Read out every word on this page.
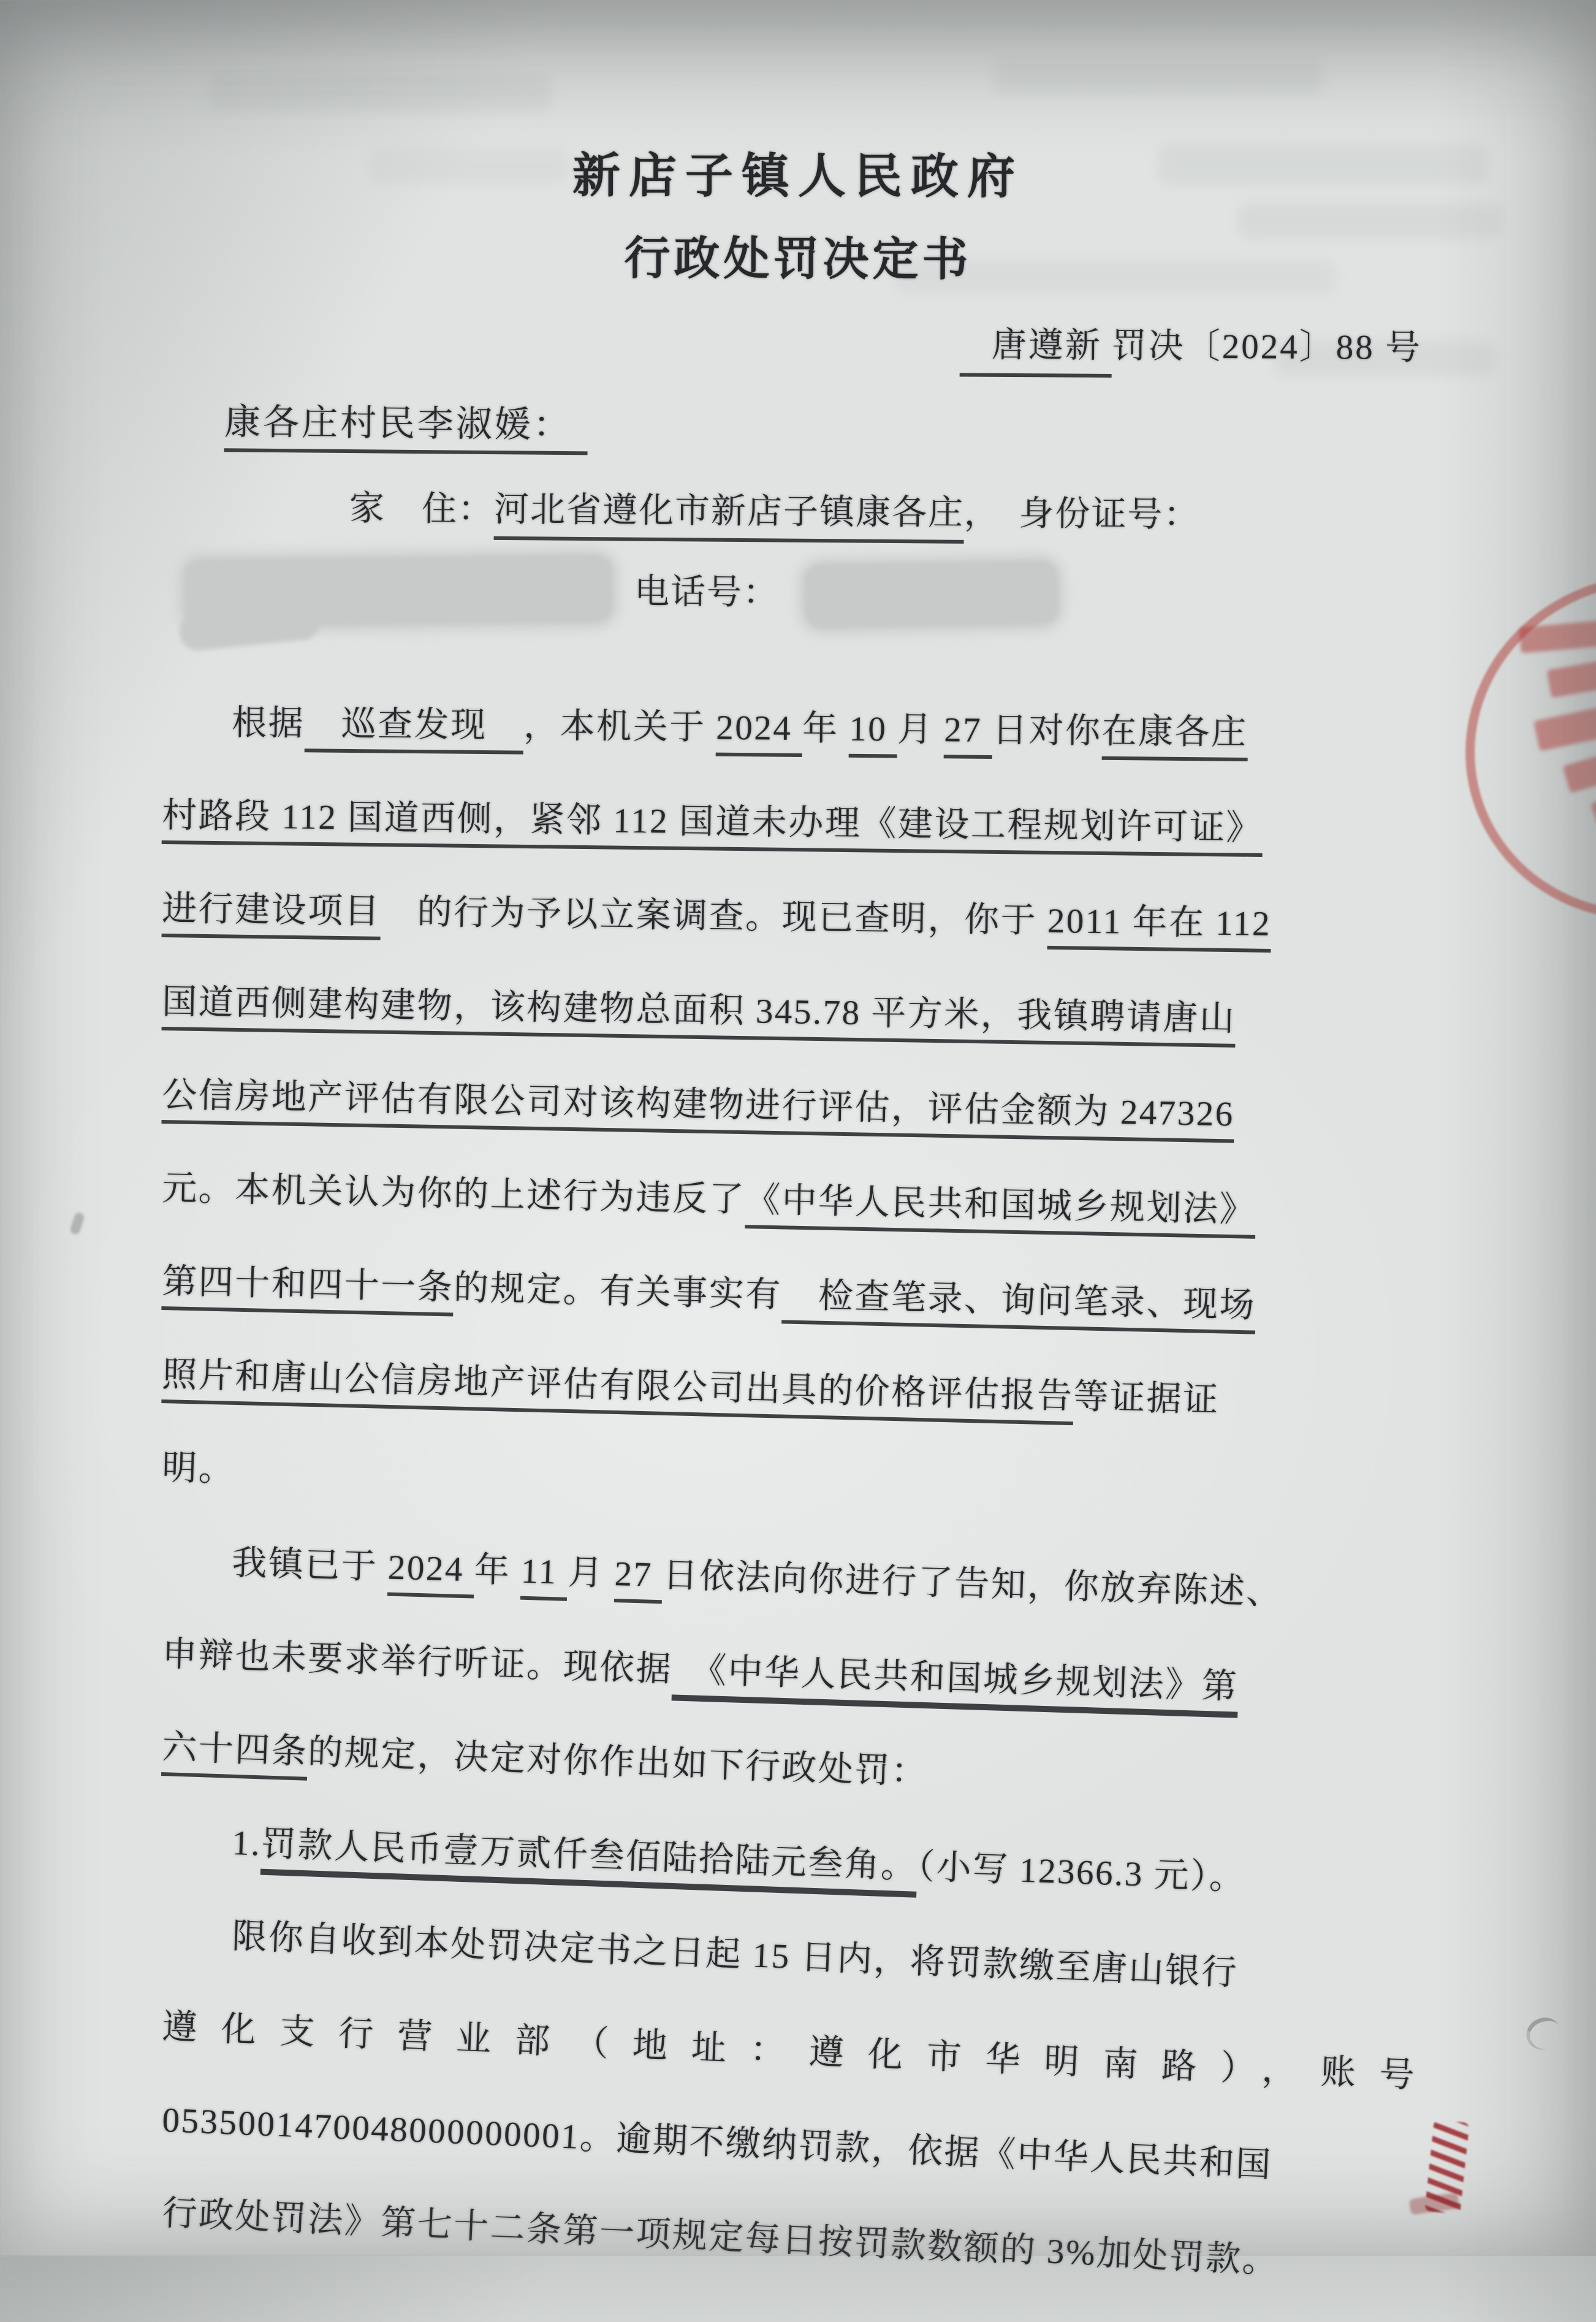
新店子镇人民政府
行政处罚决定书
唐遵新 罚决〔2024〕88 号
康各庄村民李淑媛：
家　住：河北省遵化市新店子镇康各庄，　身份证号：
电话号：
根据　巡查发现　，本机关于 2024 年 10 月 27 日对你在康各庄
村路段 112 国道西侧，紧邻 112 国道未办理《建设工程规划许可证》
进行建设项目　的行为予以立案调查。现已查明，你于 2011 年在 112
国道西侧建构建物，该构建物总面积 345.78 平方米，我镇聘请唐山
公信房地产评估有限公司对该构建物进行评估，评估金额为 247326
元。本机关认为你的上述行为违反了《中华人民共和国城乡规划法》
第四十和四十一条的规定。有关事实有　检查笔录、询问笔录、现场
照片和唐山公信房地产评估有限公司出具的价格评估报告等证据证
明。
我镇已于 2024 年 11 月 27 日依法向你进行了告知，你放弃陈述、
申辩也未要求举行听证。现依据　《中华人民共和国城乡规划法》第
六十四条的规定，决定对你作出如下行政处罚：
1.罚款人民币壹万贰仟叁佰陆拾陆元叁角。（小写 12366.3 元）。
限你自收到本处罚决定书之日起 15 日内，将罚款缴至唐山银行
遵化支行营业部（地址：遵化市华明南路），账号
0535001470048000000001。逾期不缴纳罚款，依据《中华人民共和国
行政处罚法》第七十二条第一项规定每日按罚款数额的 3%加处罚款。
